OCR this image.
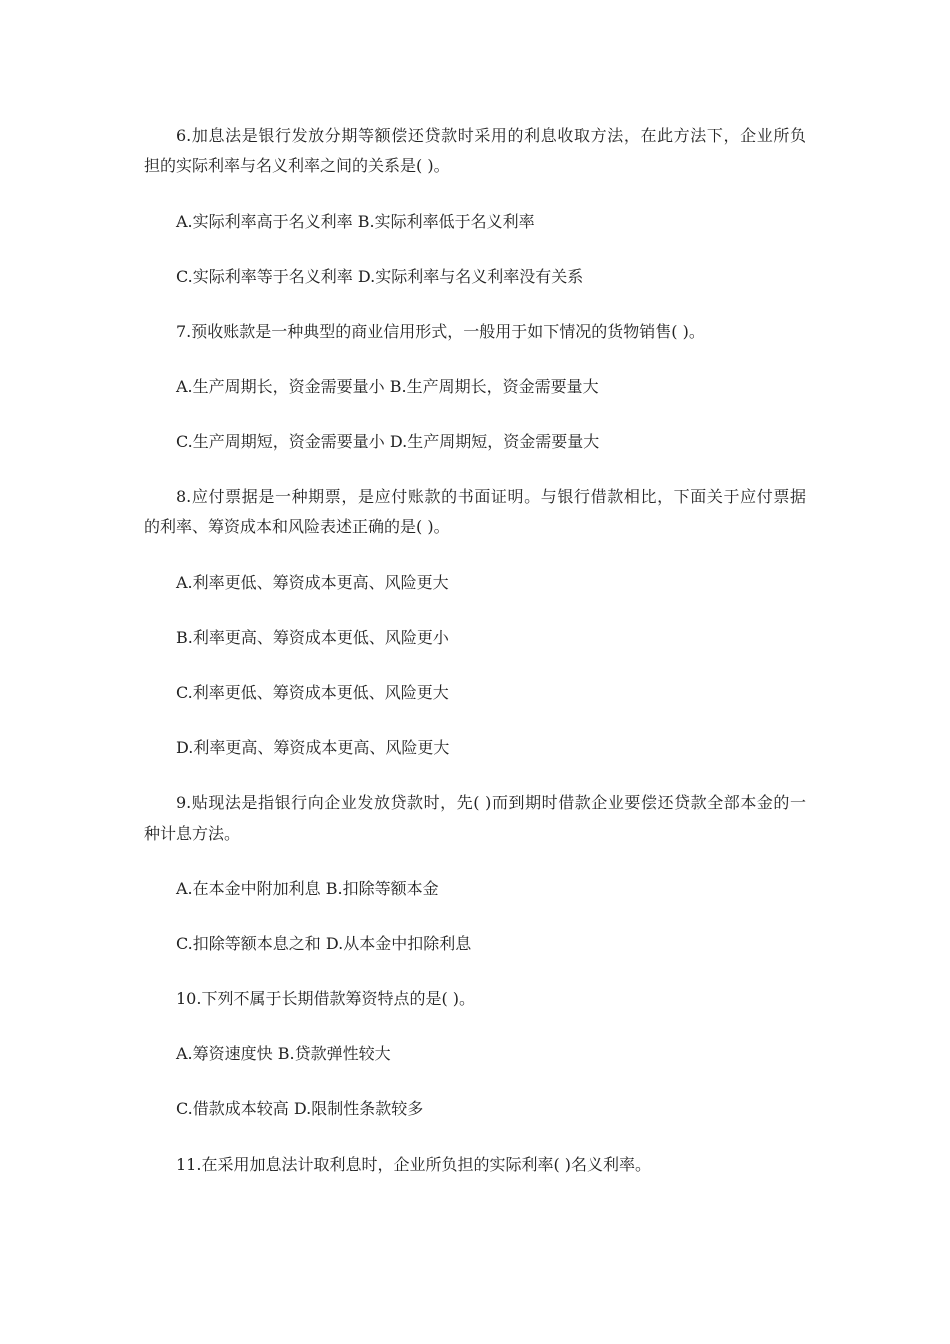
6.加息法是银行发放分期等额偿还贷款时采用的利息收取方法，在此方法下，企业所负
担的实际利率与名义利率之间的关系是( )。
A.实际利率高于名义利率 B.实际利率低于名义利率
C.实际利率等于名义利率 D.实际利率与名义利率没有关系
7.预收账款是一种典型的商业信用形式，一般用于如下情况的货物销售( )。
A.生产周期长，资金需要量小 B.生产周期长，资金需要量大
C.生产周期短，资金需要量小 D.生产周期短，资金需要量大
8.应付票据是一种期票，是应付账款的书面证明。与银行借款相比，下面关于应付票据
的利率、筹资成本和风险表述正确的是( )。
A.利率更低、筹资成本更高、风险更大
B.利率更高、筹资成本更低、风险更小
C.利率更低、筹资成本更低、风险更大
D.利率更高、筹资成本更高、风险更大
9.贴现法是指银行向企业发放贷款时，先( )而到期时借款企业要偿还贷款全部本金的一
种计息方法。
A.在本金中附加利息 B.扣除等额本金
C.扣除等额本息之和 D.从本金中扣除利息
10.下列不属于长期借款筹资特点的是( )。
A.筹资速度快 B.贷款弹性较大
C.借款成本较高 D.限制性条款较多
11.在采用加息法计取利息时，企业所负担的实际利率( )名义利率。
